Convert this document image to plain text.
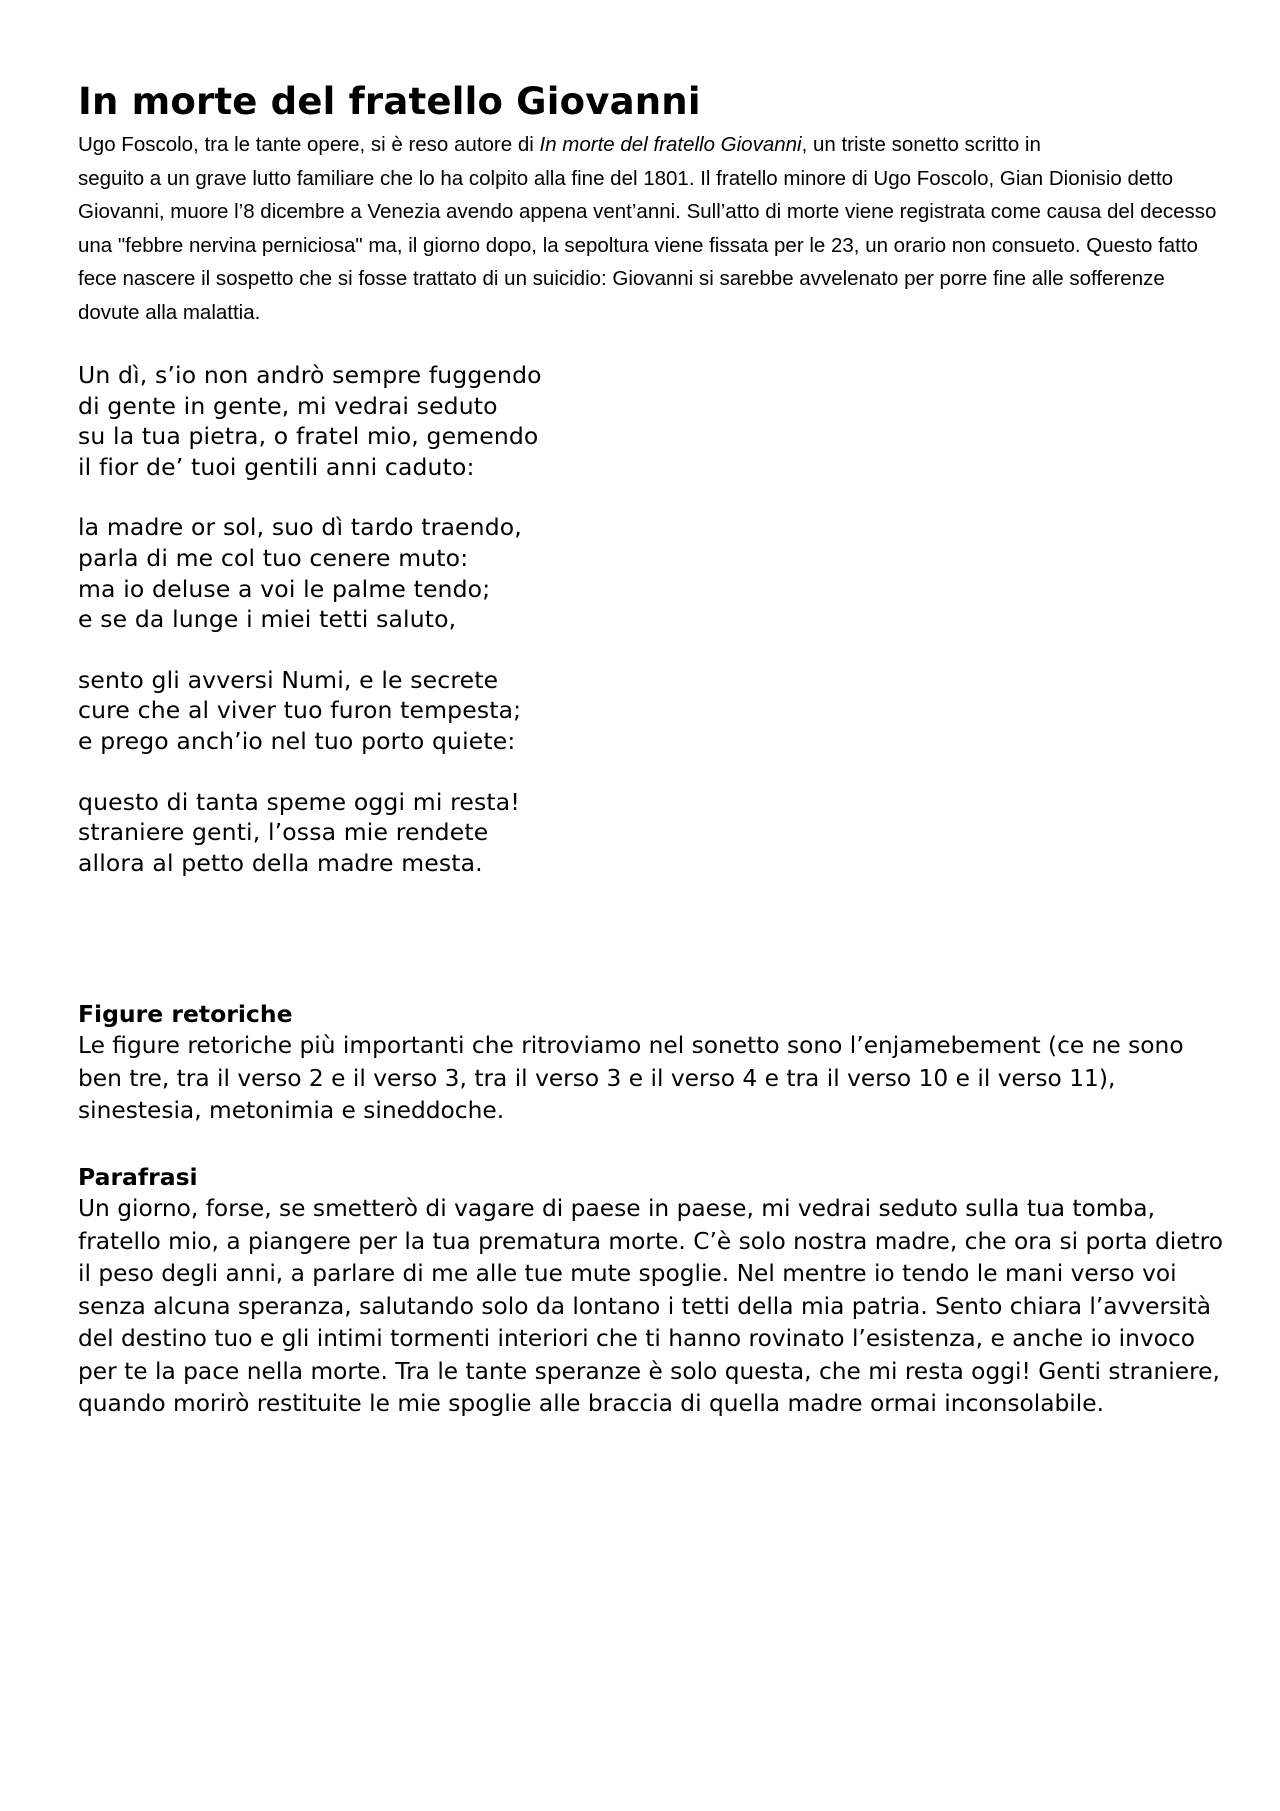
In morte del fratello Giovanni

Ugo Foscolo, tra le tante opere, si è reso autore di In morte del fratello Giovanni, un triste sonetto scritto in
seguito a un grave lutto familiare che lo ha colpito alla fine del 1801. Il fratello minore di Ugo Foscolo, Gian Dionisio detto Giovanni, muore l’8 dicembre a Venezia avendo appena vent’anni. Sull’atto di morte viene registrata come causa del decesso una "febbre nervina perniciosa" ma, il giorno dopo, la sepoltura viene fissata per le 23, un orario non consueto. Questo fatto fece nascere il sospetto che si fosse trattato di un suicidio: Giovanni si sarebbe avvelenato per porre fine alle sofferenze dovute alla malattia.

Un dì, s’io non andrò sempre fuggendo
di gente in gente, mi vedrai seduto
su la tua pietra, o fratel mio, gemendo
il fior de’ tuoi gentili anni caduto:
la madre or sol, suo dì tardo traendo,
parla di me col tuo cenere muto:
ma io deluse a voi le palme tendo;
e se da lunge i miei tetti saluto,
sento gli avversi Numi, e le secrete
cure che al viver tuo furon tempesta;
e prego anch’io nel tuo porto quiete:
questo di tanta speme oggi mi resta!
straniere genti, l’ossa mie rendete
allora al petto della madre mesta.
Figure retoriche

Le figure retoriche più importanti che ritroviamo nel sonetto sono l’enjamebement (ce ne sono ben tre, tra il verso 2 e il verso 3, tra il verso 3 e il verso 4 e tra il verso 10 e il verso 11), sinestesia, metonimia e sineddoche.

Parafrasi

Un giorno, forse, se smetterò di vagare di paese in paese, mi vedrai seduto sulla tua tomba, fratello mio, a piangere per la tua prematura morte. C’è solo nostra madre, che ora si porta dietro il peso degli anni, a parlare di me alle tue mute spoglie. Nel mentre io tendo le mani verso voi senza alcuna speranza, salutando solo da lontano i tetti della mia patria. Sento chiara l’avversità del destino tuo e gli intimi tormenti interiori che ti hanno rovinato l’esistenza, e anche io invoco per te la pace nella morte. Tra le tante speranze è solo questa, che mi resta oggi! Genti straniere, quando morirò restituite le mie spoglie alle braccia di quella madre ormai inconsolabile.
